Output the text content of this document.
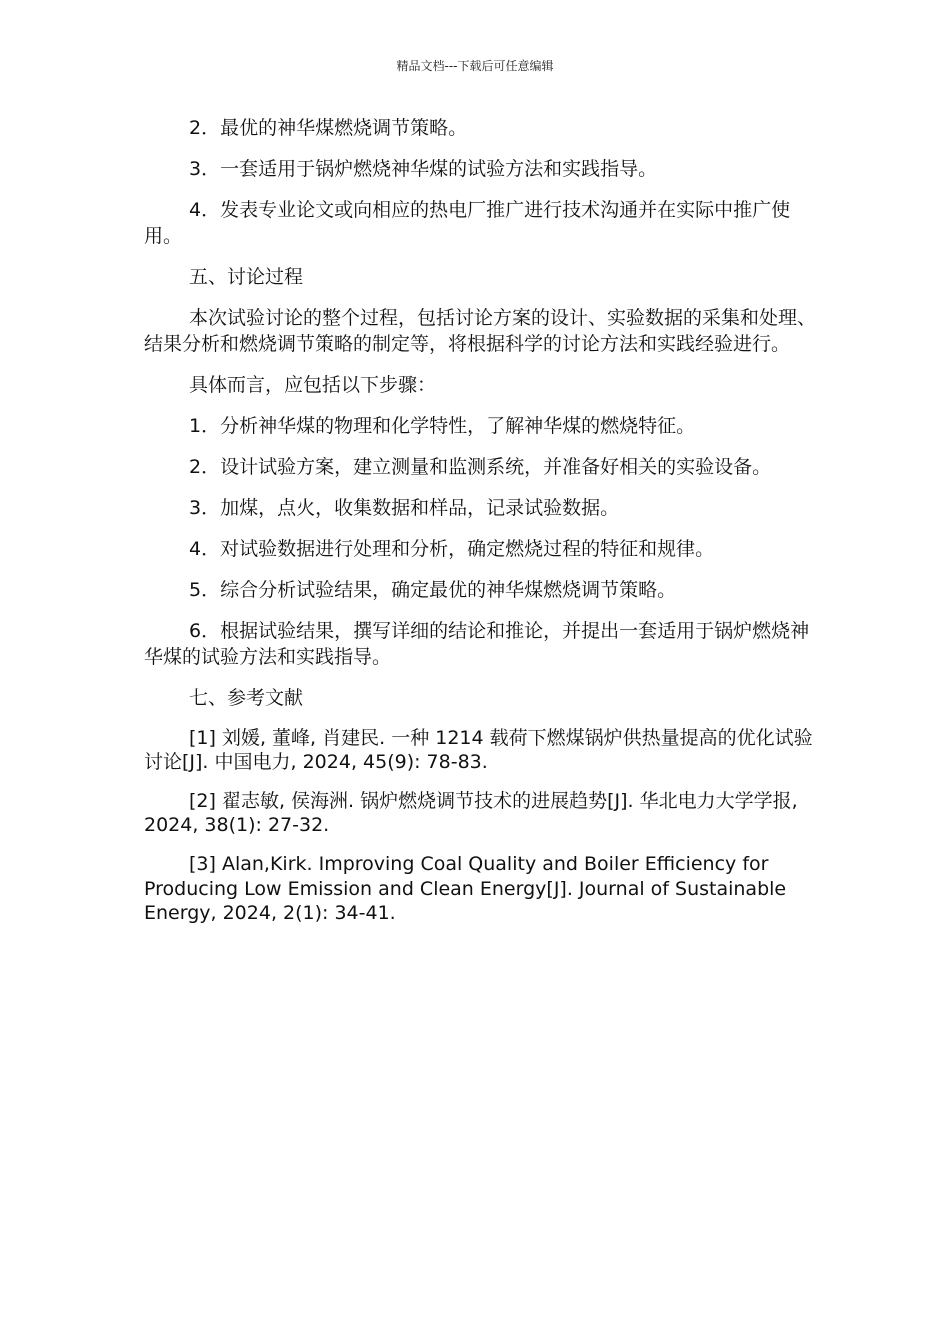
精品文档---下载后可任意编辑

2．最优的神华煤燃烧调节策略。

3．一套适用于锅炉燃烧神华煤的试验方法和实践指导。

4．发表专业论文或向相应的热电厂推广进行技术沟通并在实际中推广使用。

五、讨论过程

本次试验讨论的整个过程，包括讨论方案的设计、实验数据的采集和处理、结果分析和燃烧调节策略的制定等，将根据科学的讨论方法和实践经验进行。

具体而言，应包括以下步骤：

1．分析神华煤的物理和化学特性，了解神华煤的燃烧特征。

2．设计试验方案，建立测量和监测系统，并准备好相关的实验设备。

3．加煤，点火，收集数据和样品，记录试验数据。

4．对试验数据进行处理和分析，确定燃烧过程的特征和规律。

5．综合分析试验结果，确定最优的神华煤燃烧调节策略。

6．根据试验结果，撰写详细的结论和推论，并提出一套适用于锅炉燃烧神华煤的试验方法和实践指导。

七、参考文献

[1] 刘媛, 董峰, 肖建民. 一种 1214 载荷下燃煤锅炉供热量提高的优化试验讨论[J]. 中国电力, 2024, 45(9): 78-83.

[2] 翟志敏, 侯海洲. 锅炉燃烧调节技术的进展趋势[J]. 华北电力大学学报, 2024, 38(1): 27-32.

[3] Alan,Kirk. Improving Coal Quality and Boiler Efficiency for Producing Low Emission and Clean Energy[J]. Journal of Sustainable Energy, 2024, 2(1): 34-41.
